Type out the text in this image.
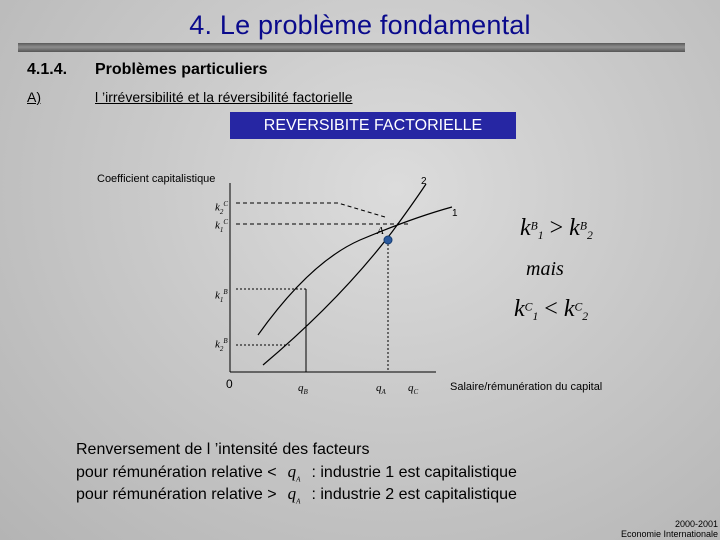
4. Le problème fondamental
4.1.4. Problèmes particuliers
A)	l ’irréversibilité et la réversibilité factorielle
REVERSIBITE FACTORIELLE
Coefficient capitalistique
Salaire/rémunération du capital
0
2
1
A
$k_2^C$
$k_1^C$
$k_1^B$
$k_2^B$
$q_B$	$q_A$ $q_C$
$k^B_1 > k^B_2$
mais
$k^C_1 < k^C_2$
Renversement de l ’intensité des facteurs
pour rémunération relative < $q_A$ : industrie 1 est capitalistique
pour rémunération relative > $q_A$ : industrie 2 est capitalistique
2000-2001
Economie Internationale
